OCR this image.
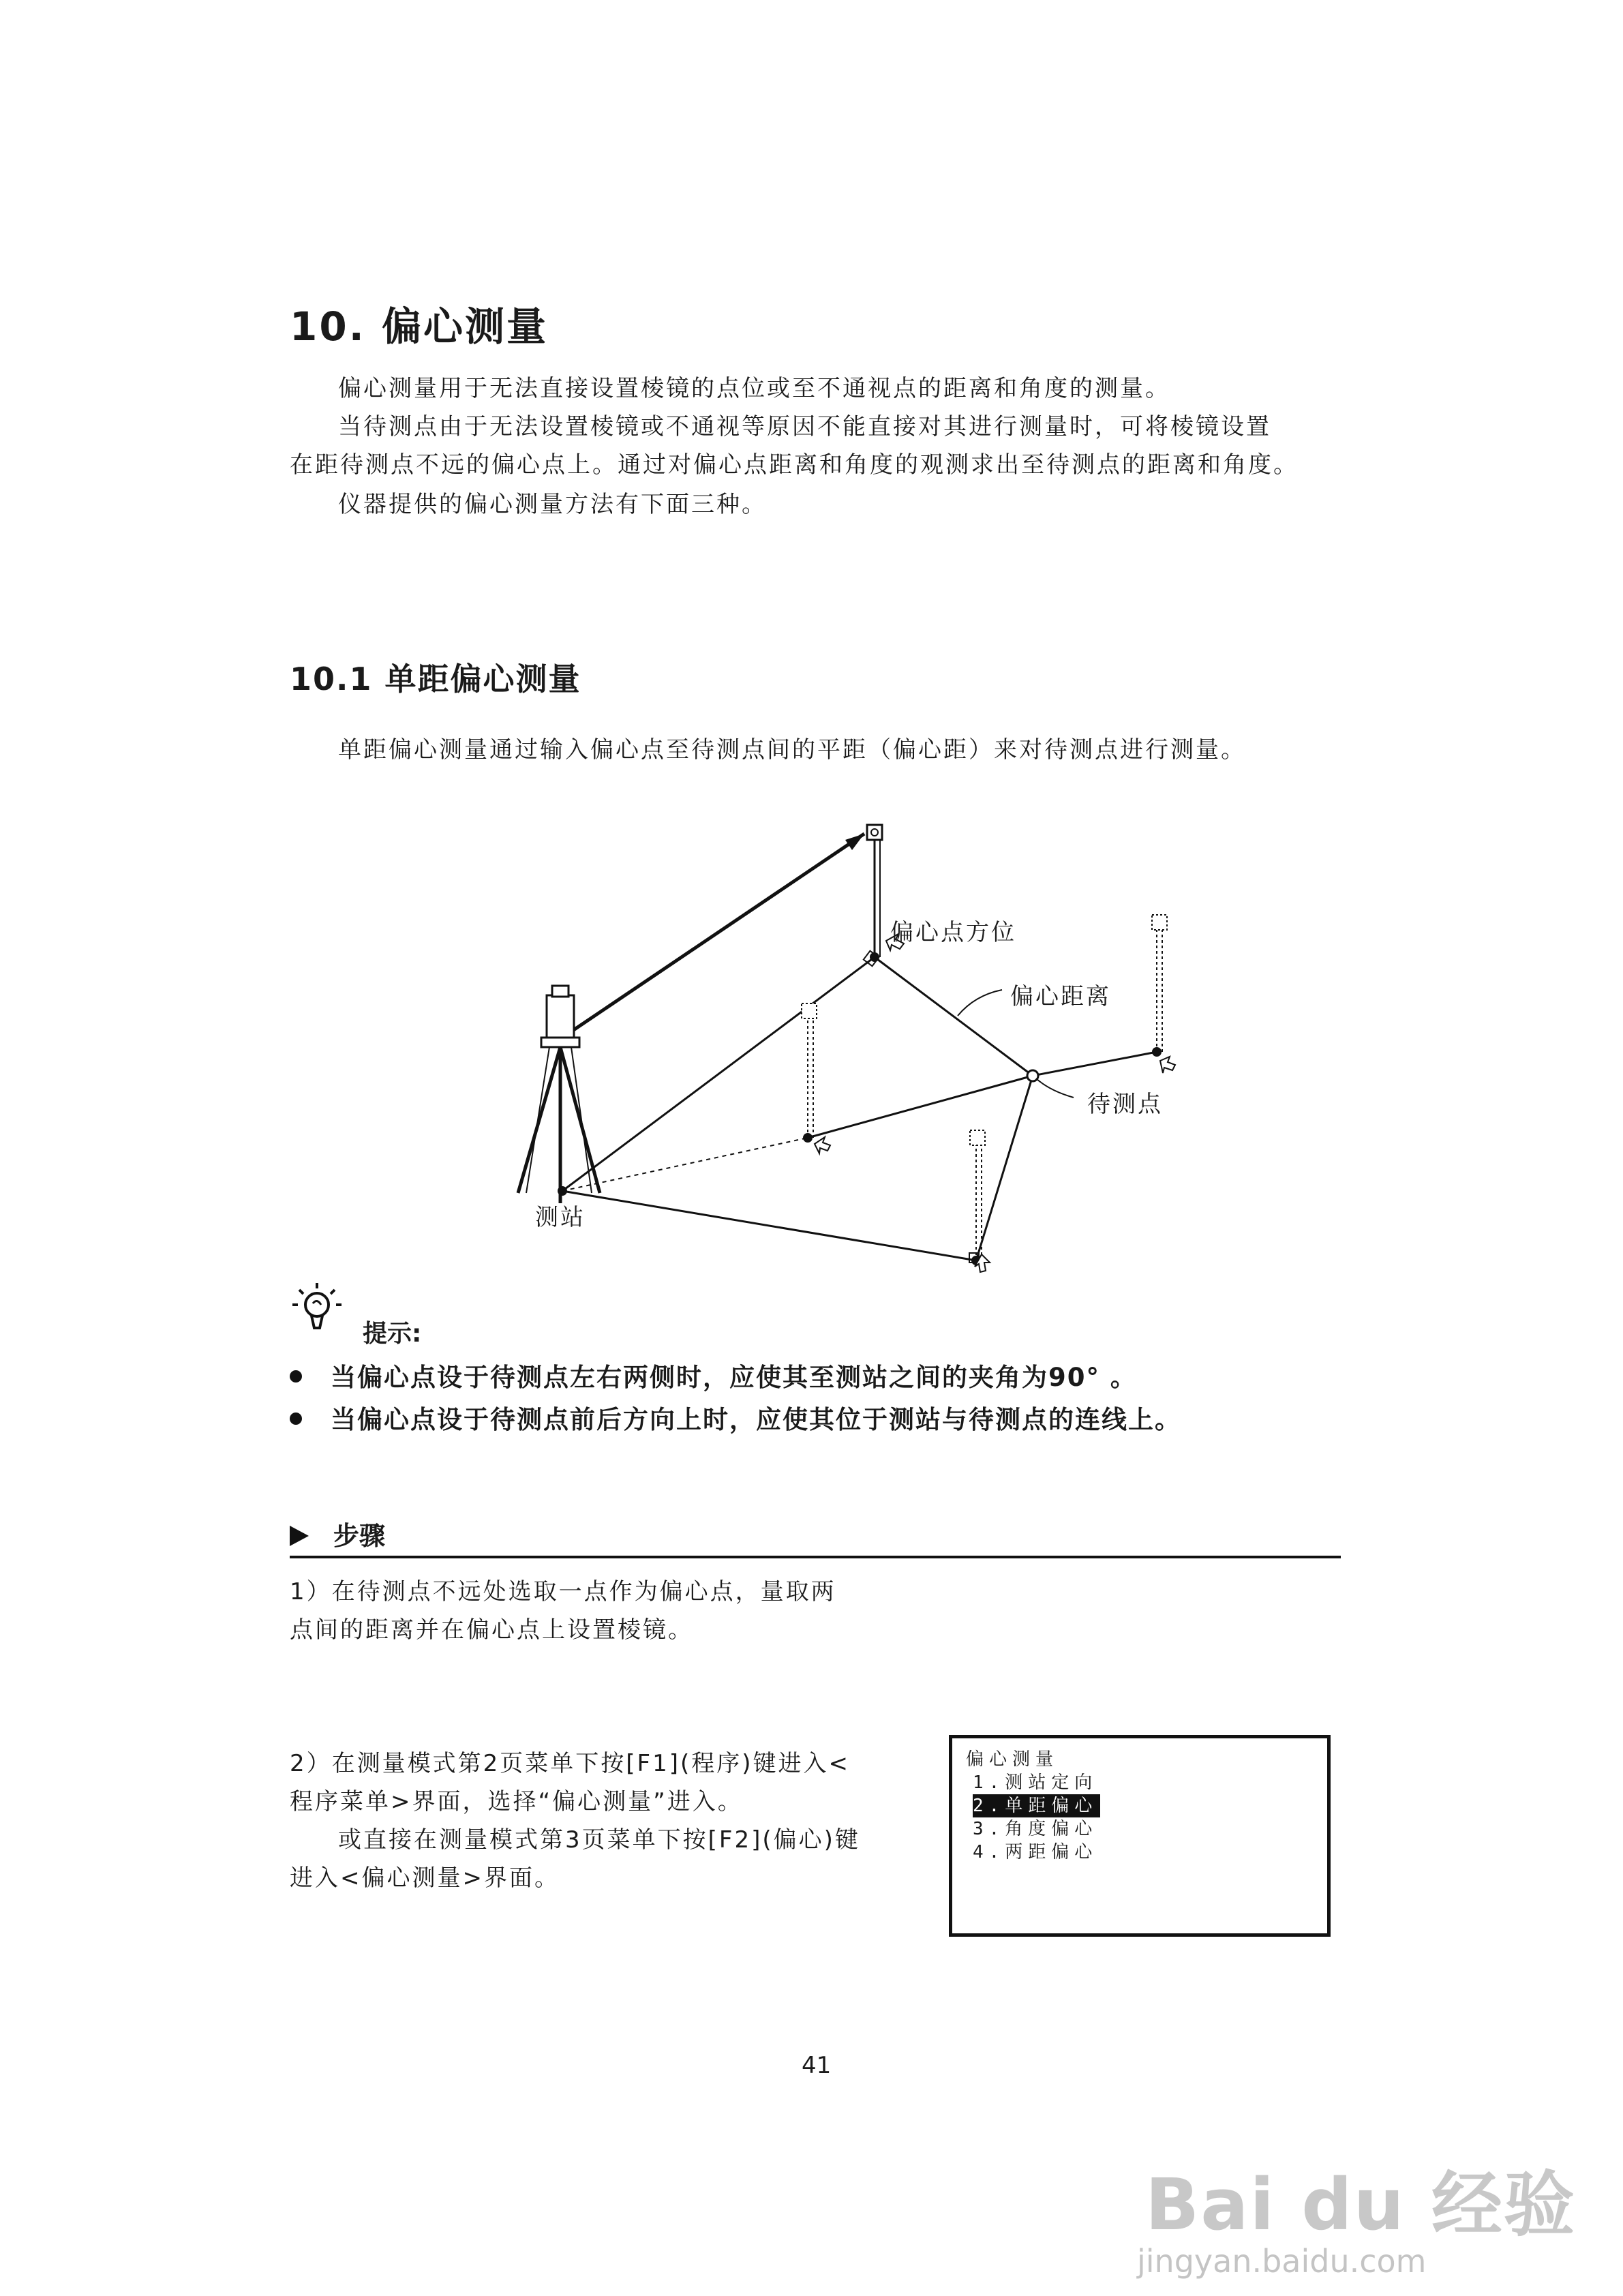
10. 偏心测量
偏心测量用于无法直接设置棱镜的点位或至不通视点的距离和角度的测量。
当待测点由于无法设置棱镜或不通视等原因不能直接对其进行测量时，可将棱镜设置
在距待测点不远的偏心点上。通过对偏心点距离和角度的观测求出至待测点的距离和角度。
仪器提供的偏心测量方法有下面三种。
10.1 单距偏心测量
单距偏心测量通过输入偏心点至待测点间的平距（偏心距）来对待测点进行测量。
偏心点方位
偏心距离
待测点
测站
提示:
当偏心点设于待测点左右两侧时，应使其至测站之间的夹角为90° 。
当偏心点设于待测点前后方向上时，应使其位于测站与待测点的连线上。
步骤
1）在待测点不远处选取一点作为偏心点，量取两
点间的距离并在偏心点上设置棱镜。
2）在测量模式第2页菜单下按[F1](程序)键进入<
程序菜单>界面，选择“偏心测量”进入。
或直接在测量模式第3页菜单下按[F2](偏心)键
进入<偏心测量>界面。
偏心测量
1.测站定向
2.单距偏心
3.角度偏心
4.两距偏心
41
Bai du 经验
jingyan.baidu.com
